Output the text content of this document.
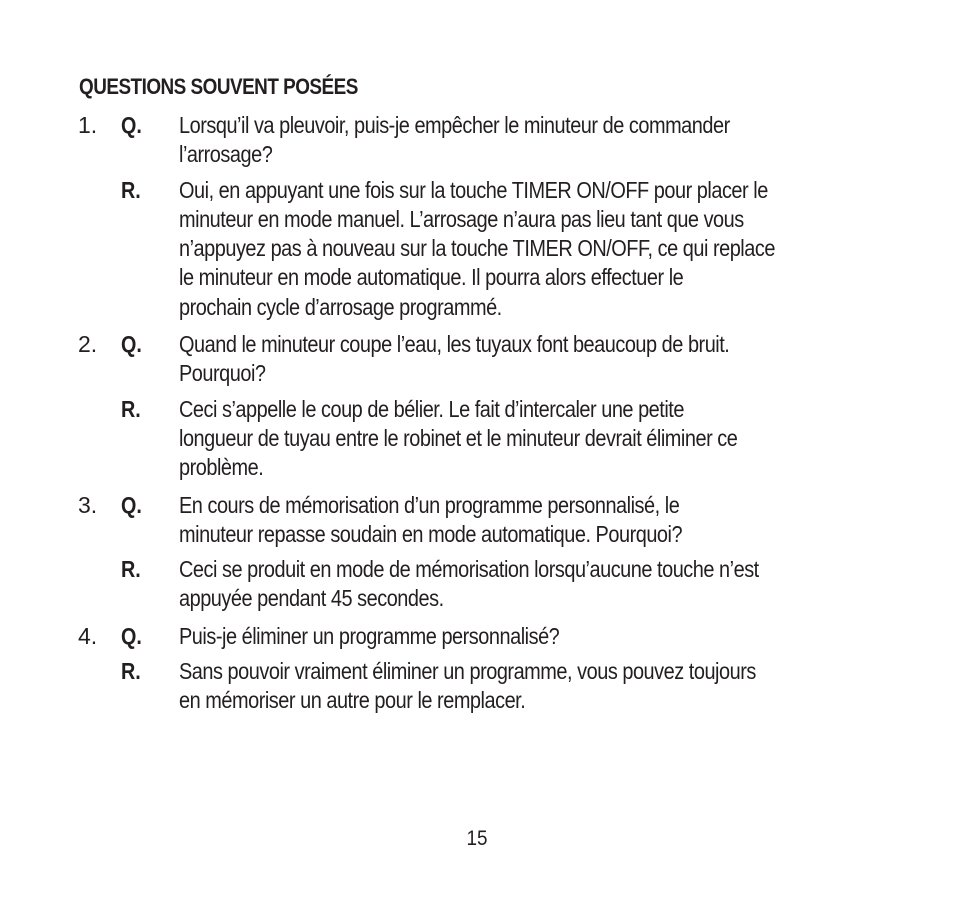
QUESTIONS SOUVENT POSÉES
1. Q. Lorsqu’il va pleuvoir, puis-je empêcher le minuteur de commander
l’arrosage?
R. Oui, en appuyant une fois sur la touche TIMER ON/OFF pour placer le
minuteur en mode manuel. L’arrosage n’aura pas lieu tant que vous
n’appuyez pas à nouveau sur la touche TIMER ON/OFF, ce qui replace
le minuteur en mode automatique. Il pourra alors effectuer le
prochain cycle d’arrosage programmé.
2. Q. Quand le minuteur coupe l’eau, les tuyaux font beaucoup de bruit.
Pourquoi?
R. Ceci s’appelle le coup de bélier. Le fait d’intercaler une petite
longueur de tuyau entre le robinet et le minuteur devrait éliminer ce
problème.
3. Q. En cours de mémorisation d’un programme personnalisé, le
minuteur repasse soudain en mode automatique. Pourquoi?
R. Ceci se produit en mode de mémorisation lorsqu’aucune touche n’est
appuyée pendant 45 secondes.
4. Q. Puis-je éliminer un programme personnalisé?
R. Sans pouvoir vraiment éliminer un programme, vous pouvez toujours
en mémoriser un autre pour le remplacer.
15
